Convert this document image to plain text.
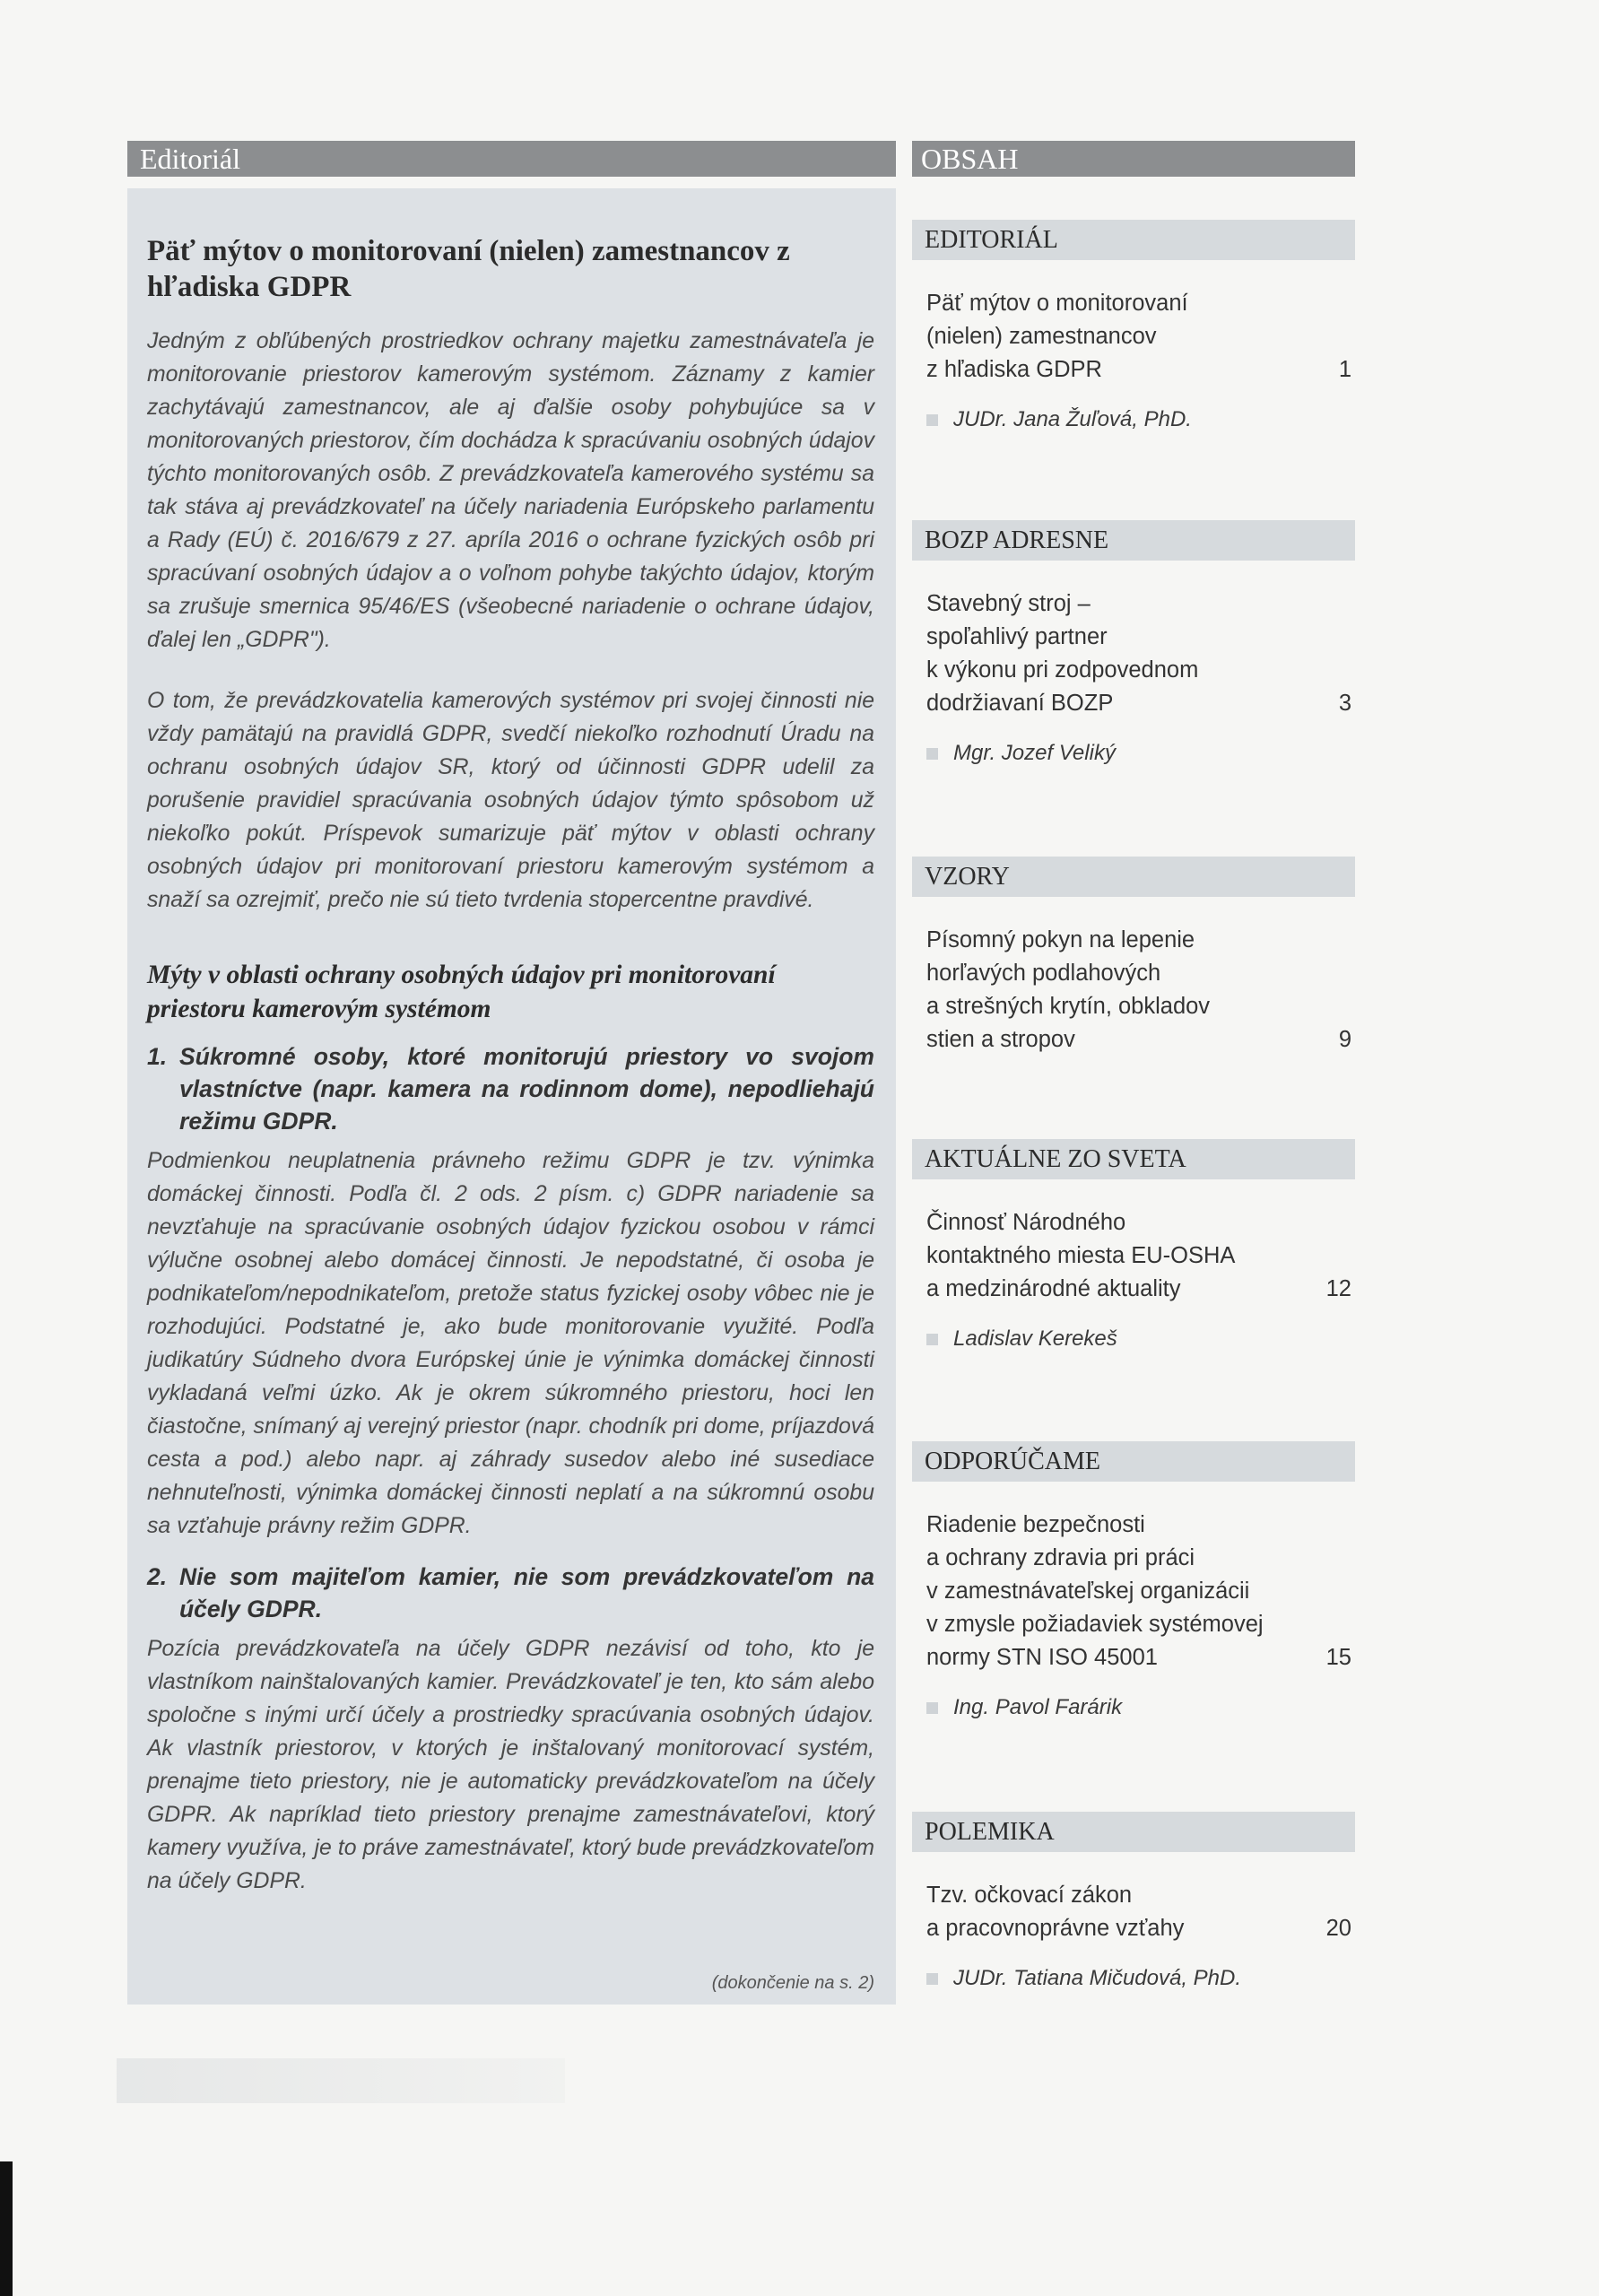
Editoriál
Päť mýtov o monitorovaní (nielen) zamestnancov z hľadiska GDPR

Jedným z obľúbených prostriedkov ochrany majetku zamestnávateľa je monitorovanie priestorov kamerovým systémom. Záznamy z kamier zachytávajú zamestnancov, ale aj ďalšie osoby pohybujúce sa v monitorovaných priestorov, čím dochádza k spracúvaniu osobných údajov týchto monitorovaných osôb. Z prevádzkovateľa kamerového systému sa tak stáva aj prevádzkovateľ na účely nariadenia Európskeho parlamentu a Rady (EÚ) č. 2016/679 z 27. apríla 2016 o ochrane fyzických osôb pri spracúvaní osobných údajov a o voľnom pohybe takýchto údajov, ktorým sa zrušuje smernica 95/46/ES (všeobecné nariadenie o ochrane údajov, ďalej len „GDPR").

O tom, že prevádzkovatelia kamerových systémov pri svojej činnosti nie vždy pamätajú na pravidlá GDPR, svedčí niekoľko rozhodnutí Úradu na ochranu osobných údajov SR, ktorý od účinnosti GDPR udelil za porušenie pravidiel spracúvania osobných údajov týmto spôsobom už niekoľko pokút. Príspevok sumarizuje päť mýtov v oblasti ochrany osobných údajov pri monitorovaní priestoru kamerovým systémom a snaží sa ozrejmiť, prečo nie sú tieto tvrdenia stopercentne pravdivé.

Mýty v oblasti ochrany osobných údajov pri monitorovaní priestoru kamerovým systémom
1. Súkromné osoby, ktoré monitorujú priestory vo svojom vlastníctve (napr. kamera na rodinnom dome), nepodliehajú režimu GDPR.

Podmienkou neuplatnenia právneho režimu GDPR je tzv. výnimka domáckej činnosti. Podľa čl. 2 ods. 2 písm. c) GDPR nariadenie sa nevzťahuje na spracúvanie osobných údajov fyzickou osobou v rámci výlučne osobnej alebo domácej činnosti. Je nepodstatné, či osoba je podnikateľom/nepodnikateľom, pretože status fyzickej osoby vôbec nie je rozhodujúci. Podstatné je, ako bude monitorovanie využité. Podľa judikatúry Súdneho dvora Európskej únie je výnimka domáckej činnosti vykladaná veľmi úzko. Ak je okrem súkromného priestoru, hoci len čiastočne, snímaný aj verejný priestor (napr. chodník pri dome, príjazdová cesta a pod.) alebo napr. aj záhrady susedov alebo iné susediace nehnuteľnosti, výnimka domáckej činnosti neplatí a na súkromnú osobu sa vzťahuje právny režim GDPR.

2. Nie som majiteľom kamier, nie som prevádzkovateľom na účely GDPR.

Pozícia prevádzkovateľa na účely GDPR nezávisí od toho, kto je vlastníkom nainštalovaných kamier. Prevádzkovateľ je ten, kto sám alebo spoločne s inými určí účely a prostriedky spracúvania osobných údajov. Ak vlastník priestorov, v ktorých je inštalovaný monitorovací systém, prenajme tieto priestory, nie je automaticky prevádzkovateľom na účely GDPR. Ak napríklad tieto priestory prenajme zamestnávateľovi, ktorý kamery využíva, je to práve zamestnávateľ, ktorý bude prevádzkovateľom na účely GDPR.

(dokončenie na s. 2)
OBSAH
EDITORIÁL
Päť mýtov o monitorovaní
(nielen) zamestnancov
z hľadiska GDPR	1
JUDr. Jana Žuľová, PhD.
BOZP ADRESNE
Stavebný stroj –
spoľahlivý partner
k výkonu pri zodpovednom
dodržiavaní BOZP	3
Mgr. Jozef Veliký
VZORY
Písomný pokyn na lepenie
horľavých podlahových
a strešných krytín, obkladov
stien a stropov	9
AKTUÁLNE ZO SVETA
Činnosť Národného
kontaktného miesta EU-OSHA
a medzinárodné aktuality	12
Ladislav Kerekeš
ODPORÚČAME
Riadenie bezpečnosti
a ochrany zdravia pri práci
v zamestnávateľskej organizácii
v zmysle požiadaviek systémovej
normy STN ISO 45001	15
Ing. Pavol Farárik
POLEMIKA
Tzv. očkovací zákon
a pracovnoprávne vzťahy	20
JUDr. Tatiana Mičudová, PhD.
